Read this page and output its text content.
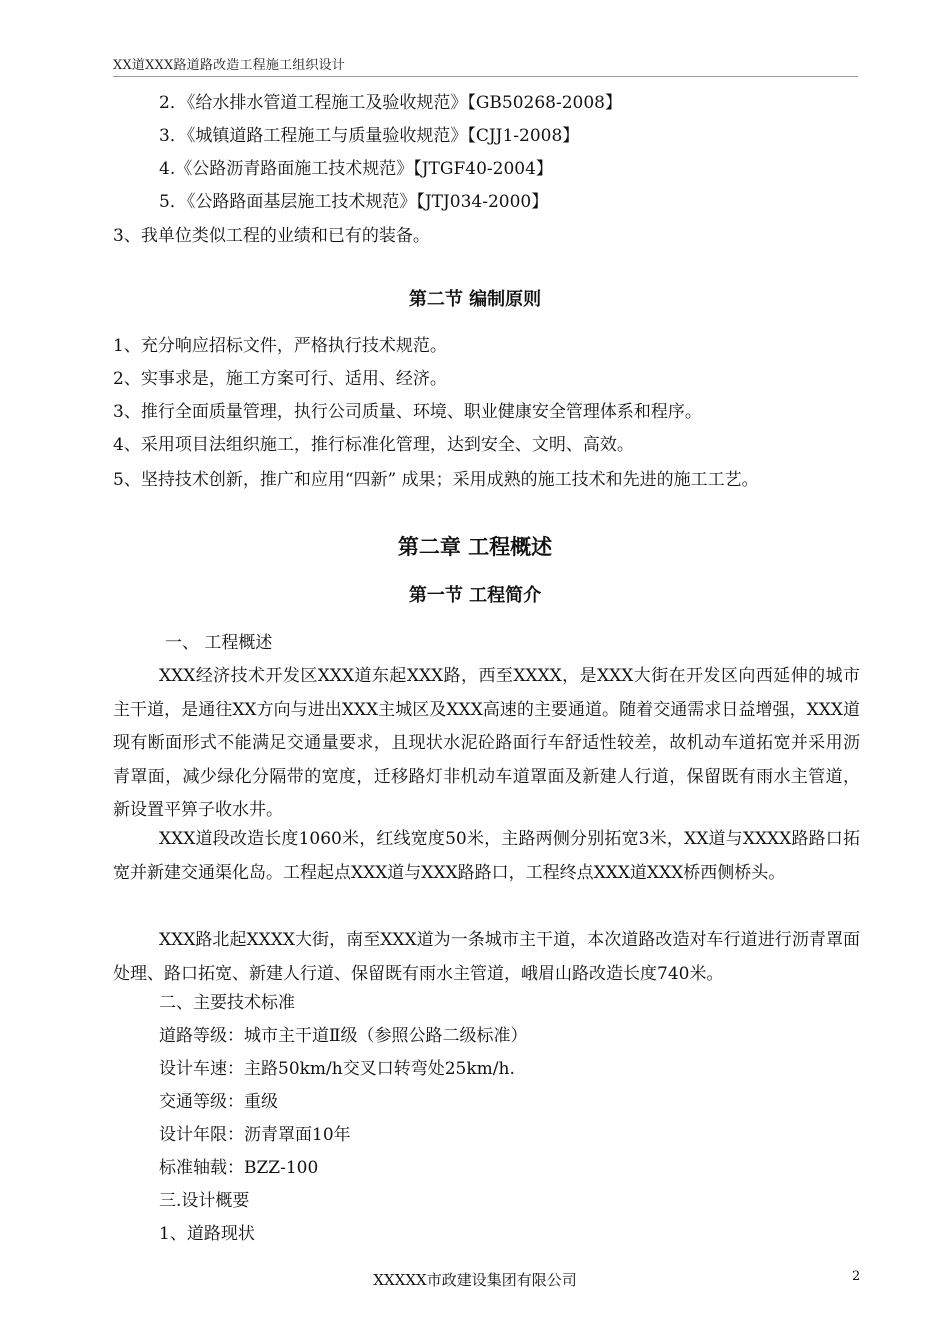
XX道XXX路道路改造工程施工组织设计
2．《给水排水管道工程施工及验收规范》【GB50268-2008】
3．《城镇道路工程施工与质量验收规范》【CJJ1-2008】
4.《公路沥青路面施工技术规范》【JTGF40-2004】
5．《公路路面基层施工技术规范》【JTJ034-2000】
3、我单位类似工程的业绩和已有的装备。
第二节 编制原则
1、充分响应招标文件，严格执行技术规范。
2、实事求是，施工方案可行、适用、经济。
3、推行全面质量管理，执行公司质量、环境、职业健康安全管理体系和程序。
4、采用项目法组织施工，推行标准化管理，达到安全、文明、高效。
5、坚持技术创新，推广和应用“四新” 成果；采用成熟的施工技术和先进的施工工艺。
第二章 工程概述
第一节 工程简介
一、 工程概述
XXX经济技术开发区XXX道东起XXX路，西至XXXX，是XXX大街在开发区向西延伸的城市主干道，是通往XX方向与进出XXX主城区及XXX高速的主要通道。随着交通需求日益增强，XXX道现有断面形式不能满足交通量要求，且现状水泥砼路面行车舒适性较差，故机动车道拓宽并采用沥青罩面，减少绿化分隔带的宽度，迁移路灯非机动车道罩面及新建人行道，保留既有雨水主管道，新设置平箅子收水井。
XXX道段改造长度1060米，红线宽度50米，主路两侧分别拓宽3米，XX道与XXXX路路口拓宽并新建交通渠化岛。工程起点XXX道与XXX路路口，工程终点XXX道XXX桥西侧桥头。
XXX路北起XXXX大街，南至XXX道为一条城市主干道，本次道路改造对车行道进行沥青罩面处理、路口拓宽、新建人行道、保留既有雨水主管道，峨眉山路改造长度740米。
二、主要技术标准
道路等级：城市主干道Ⅱ级（参照公路二级标准）
设计车速：主路50km/h交叉口转弯处25km/h.
交通等级：重级
设计年限：沥青罩面10年
标准轴载：BZZ-100
三.设计概要
1、道路现状
XXXXX市政建设集团有限公司	2
